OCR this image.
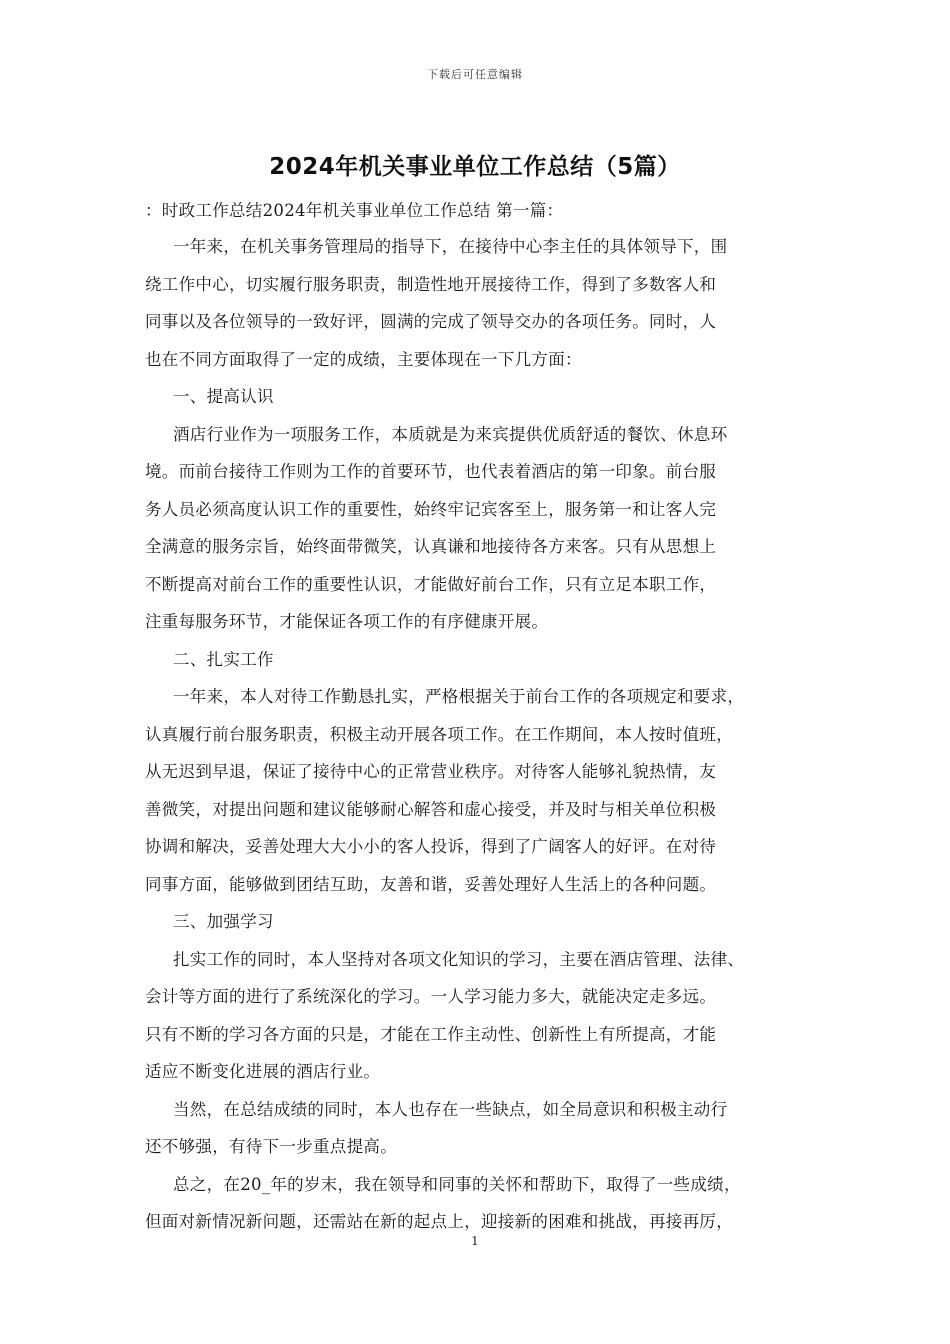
下载后可任意编辑
2024年机关事业单位工作总结（5篇）
：时政工作总结2024年机关事业单位工作总结 第一篇：
一年来，在机关事务管理局的指导下，在接待中心李主任的具体领导下，围
绕工作中心，切实履行服务职责，制造性地开展接待工作，得到了多数客人和
同事以及各位领导的一致好评，圆满的完成了领导交办的各项任务。同时，人
也在不同方面取得了一定的成绩，主要体现在一下几方面：
一、提高认识
酒店行业作为一项服务工作，本质就是为来宾提供优质舒适的餐饮、休息环
境。而前台接待工作则为工作的首要环节，也代表着酒店的第一印象。前台服
务人员必须高度认识工作的重要性，始终牢记宾客至上，服务第一和让客人完
全满意的服务宗旨，始终面带微笑，认真谦和地接待各方来客。只有从思想上
不断提高对前台工作的重要性认识，才能做好前台工作，只有立足本职工作，
注重每服务环节，才能保证各项工作的有序健康开展。
二、扎实工作
一年来，本人对待工作勤恳扎实，严格根据关于前台工作的各项规定和要求，
认真履行前台服务职责，积极主动开展各项工作。在工作期间，本人按时值班，
从无迟到早退，保证了接待中心的正常营业秩序。对待客人能够礼貌热情，友
善微笑，对提出问题和建议能够耐心解答和虚心接受，并及时与相关单位积极
协调和解决，妥善处理大大小小的客人投诉，得到了广阔客人的好评。在对待
同事方面，能够做到团结互助，友善和谐，妥善处理好人生活上的各种问题。
三、加强学习
扎实工作的同时，本人坚持对各项文化知识的学习，主要在酒店管理、法律、
会计等方面的进行了系统深化的学习。一人学习能力多大，就能决定走多远。
只有不断的学习各方面的只是，才能在工作主动性、创新性上有所提高，才能
适应不断变化进展的酒店行业。
当然，在总结成绩的同时，本人也存在一些缺点，如全局意识和积极主动行
还不够强，有待下一步重点提高。
总之，在20_年的岁末，我在领导和同事的关怀和帮助下，取得了一些成绩，
但面对新情况新问题，还需站在新的起点上，迎接新的困难和挑战，再接再厉，
1
